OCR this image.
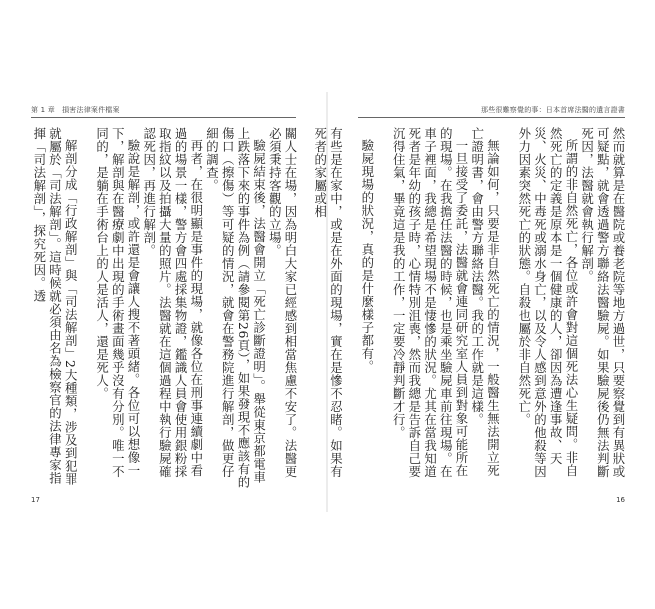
第 1 章　損害法律案件檔案
關人士在場，因為明白大家已經感到相當焦慮不安了。法醫更必須秉持客觀的立場。
驗屍結束後，法醫會開立「死亡診斷證明」。舉從東京都電車上跌落下來的事件為例（請參閱第26頁），如果發現不應該有的傷口（擦傷）等可疑的情況，就會在警務院進行解剖，做更仔細的調查。
再者，在很明顯是事件的現場，就像各位在刑事連續劇中看過的場景一樣，警方會四處採集物證，鑑識人員會使用銀粉採取指紋以及拍攝大量的照片。法醫就在這個過程中執行驗屍確認死因，再進行解剖。
驗說是解剖，或許還是會讓人搜不著頭緒。各位可以想像一下，解剖與在醫療劇中出現的手術畫面幾乎沒有分別。唯一不同的，是躺在手術台上的人是活人，還是死人。
解剖分成「行政解剖」與「司法解剖」2大種類，涉及到犯罪就屬於「司法解剖」。這時候就必須由名為檢察官的法律專家指揮「司法解剖」，探究死因。透
17
那些很難察覺的事：日本首席法醫的遺言證書
然而就算是在醫院或養老院等地方過世，只要察覺到有異狀或可疑點，就會透過警方聯絡法醫驗屍。如果驗屍後仍無法判斷死因，法醫就會執行解剖。
所謂的非自然死亡，各位或許會對這個死法心生疑問。非自然死亡的定義是原本是一個健康的人，卻因為遭逢事故、天災、火災、中毒死或溺水身亡，以及令人感到意外的他殺等因外力因素突然死亡的狀態。自殺也屬於非自然死亡。
無論如何，只要是非自然死亡的情況，一般醫生無法開立死亡證明書，會由警方聯絡法醫。我的工作就是這樣。
一旦接受了委託，法醫就會連同研究室人員到對象可能所在的現場。在我擔任法醫的時候，也是乘坐驗屍車前往現場。在車子裡面，我總是希望現場不是悽慘的狀況。尤其在當我知道死者是年幼的孩子時，心情特別沮喪，然而我總是告訴自己要沉得住氣，畢竟這是我的工作，一定要冷靜判斷才行。
驗屍現場的狀況，真的是什麼樣子都有。
有些是在家中，或是在外面的現場，實在是慘不忍睹。如果有死者的家屬或相
16
